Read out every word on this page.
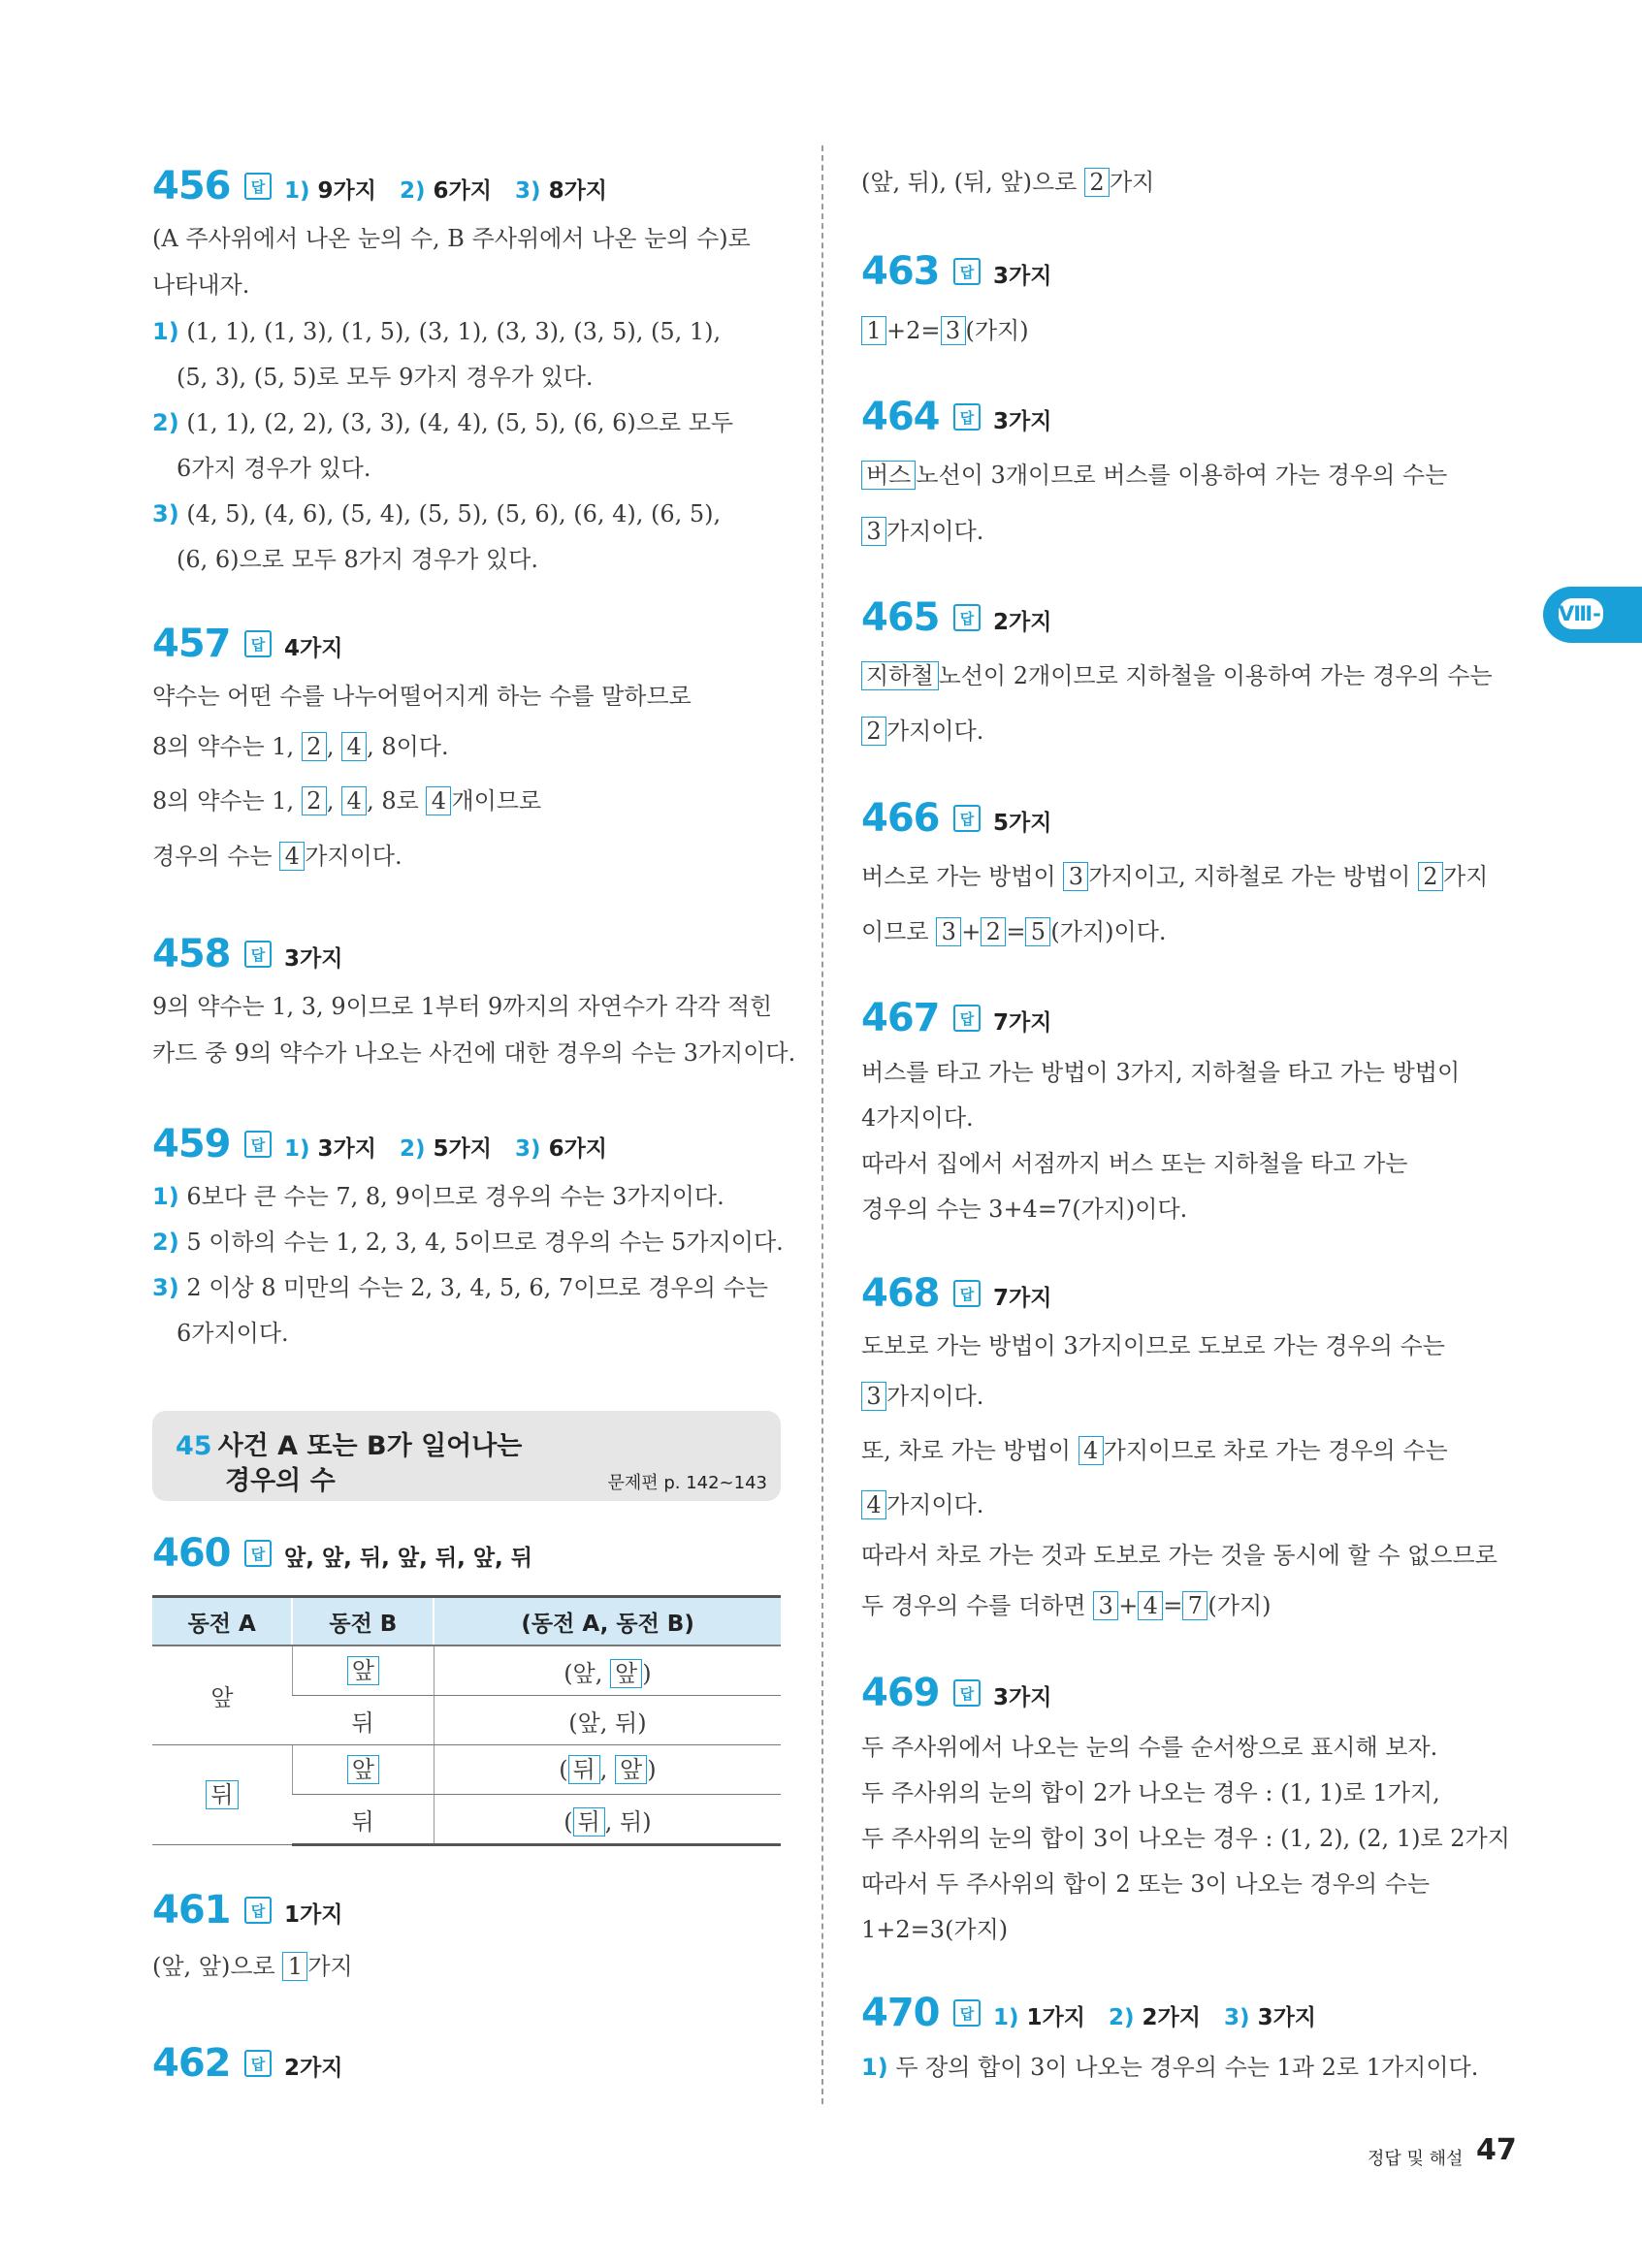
456	답 1) 9가지 2) 6가지 3) 8가지
(A 주사위에서 나온 눈의 수, B 주사위에서 나온 눈의 수)로
나타내자.
1) (1, 1), (1, 3), (1, 5), (3, 1), (3, 3), (3, 5), (5, 1),
(5, 3), (5, 5)로 모두 9가지 경우가 있다.
2) (1, 1), (2, 2), (3, 3), (4, 4), (5, 5), (6, 6)으로 모두
6가지 경우가 있다.
3) (4, 5), (4, 6), (5, 4), (5, 5), (5, 6), (6, 4), (6, 5),
(6, 6)으로 모두 8가지 경우가 있다.
457	답 4가지
약수는 어떤 수를 나누어떨어지게 하는 수를 말하므로
8의 약수는 1, 2 , 4 , 8이다.
8의 약수는 1, 2 , 4 , 8로 4 개이므로
경우의 수는 4 가지이다.
458	답 3가지
9의 약수는 1, 3, 9이므로 1부터 9까지의 자연수가 각각 적힌
카드 중 9의 약수가 나오는 사건에 대한 경우의 수는 3가지이다.
459	답 1) 3가지 2) 5가지 3) 6가지
1) 6보다 큰 수는 7, 8, 9이므로 경우의 수는 3가지이다.
2) 5 이하의 수는 1, 2, 3, 4, 5이므로 경우의 수는 5가지이다.
3) 2 이상 8 미만의 수는 2, 3, 4, 5, 6, 7이므로 경우의 수는
6가지이다.
45 사건 A 또는 B가 일어나는
경우의 수	문제편 p. 142~143
460	답 앞, 앞, 뒤, 앞, 뒤, 앞, 뒤
동전 A	동전 B	(동전 A, 동전 B)
앞	앞	(앞, 앞 )
	뒤	(앞, 뒤)
뒤	앞	( 뒤 , 앞 )
	뒤	( 뒤 , 뒤)
461	답 1가지
(앞, 앞)으로 1 가지
462	답 2가지
(앞, 뒤), (뒤, 앞)으로 2 가지
463	답 3가지
1 +2= 3 (가지)
464	답 3가지
버스 노선이 3개이므로 버스를 이용하여 가는 경우의 수는
3 가지이다.
465	답 2가지
지하철 노선이 2개이므로 지하철을 이용하여 가는 경우의 수는
2 가지이다.
466	답 5가지
버스로 가는 방법이 3 가지이고, 지하철로 가는 방법이 2 가지
이므로 3 + 2 = 5 (가지)이다.
467	답 7가지
버스를 타고 가는 방법이 3가지, 지하철을 타고 가는 방법이
4가지이다.
따라서 집에서 서점까지 버스 또는 지하철을 타고 가는
경우의 수는 3+4=7(가지)이다.
468	답 7가지
도보로 가는 방법이 3가지이므로 도보로 가는 경우의 수는
3 가지이다.
또, 차로 가는 방법이 4 가지이므로 차로 가는 경우의 수는
4 가지이다.
따라서 차로 가는 것과 도보로 가는 것을 동시에 할 수 없으므로
두 경우의 수를 더하면 3 + 4 = 7 (가지)
469	답 3가지
두 주사위에서 나오는 눈의 수를 순서쌍으로 표시해 보자.
두 주사위의 눈의 합이 2가 나오는 경우 : (1, 1)로 1가지,
두 주사위의 눈의 합이 3이 나오는 경우 : (1, 2), (2, 1)로 2가지
따라서 두 주사위의 합이 2 또는 3이 나오는 경우의 수는
1+2=3(가지)
470	답 1) 1가지 2) 2가지 3) 3가지
1) 두 장의 합이 3이 나오는 경우의 수는 1과 2로 1가지이다.
Ⅷ-1
정답 및 해설 47
